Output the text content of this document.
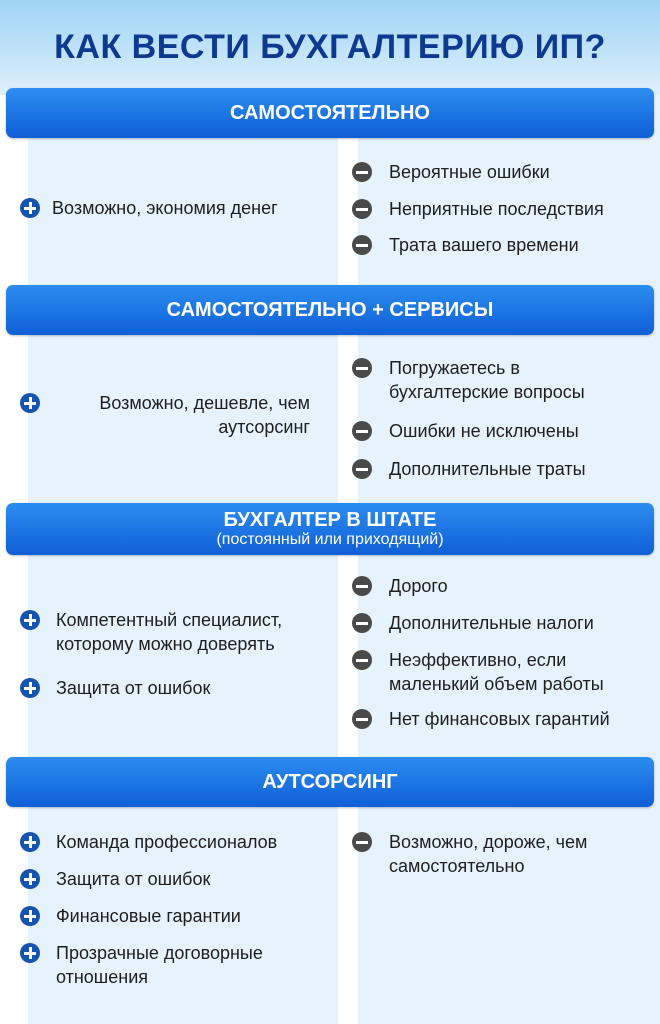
КАК ВЕСТИ БУХГАЛТЕРИЮ ИП?
САМОСТОЯТЕЛЬНО
Возможно, экономия денег
Вероятные ошибки
Неприятные последствия
Трата вашего времени
САМОСТОЯТЕЛЬНО + СЕРВИСЫ
Возможно, дешевле, чем аутсорсинг
Погружаетесь в бухгалтерские вопросы
Ошибки не исключены
Дополнительные траты
БУХГАЛТЕР В ШТАТЕ
(постоянный или приходящий)
Компетентный специалист, которому можно доверять
Защита от ошибок
Дорого
Дополнительные налоги
Неэффективно, если маленький объем работы
Нет финансовых гарантий
АУТСОРСИНГ
Команда профессионалов
Защита от ошибок
Финансовые гарантии
Прозрачные договорные отношения
Возможно, дороже, чем самостоятельно
